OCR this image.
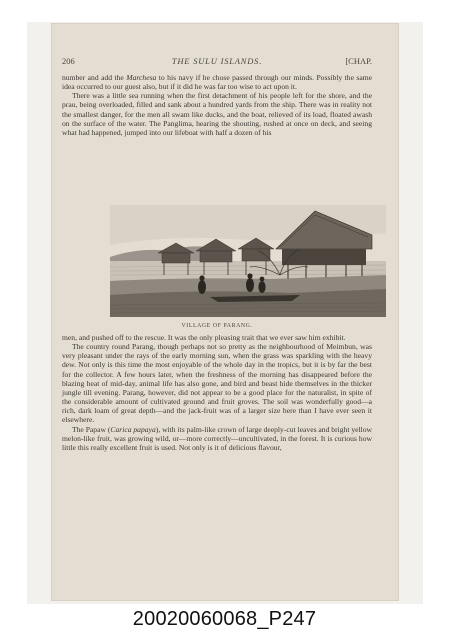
206	THE SULU ISLANDS.	[CHAP.

number and add the Marchesa to his navy if he chose passed through our minds. Possibly the same idea occurred to our guest also, but if it did he was far too wise to act upon it.

There was a little sea running when the first detachment of his people left for the shore, and the prau, being overloaded, filled and sank about a hundred yards from the ship. There was in reality not the smallest danger, for the men all swam like ducks, and the boat, relieved of its load, floated awash on the surface of the water. The Panglima, hearing the shouting, rushed at once on deck, and seeing what had happened, jumped into our lifeboat with half a dozen of his

VILLAGE OF PARANG.

men, and pushed off to the rescue. It was the only pleasing trait that we ever saw him exhibit.

The country round Parang, though perhaps not so pretty as the neighbourhood of Meimbun, was very pleasant under the rays of the early morning sun, when the grass was sparkling with the heavy dew. Not only is this time the most enjoyable of the whole day in the tropics, but it is by far the best for the collector. A few hours later, when the freshness of the morning has disappeared before the blazing heat of mid-day, animal life has also gone, and bird and beast hide themselves in the thicker jungle till evening. Parang, however, did not appear to be a good place for the naturalist, in spite of the considerable amount of cultivated ground and fruit groves. The soil was wonderfully good—a rich, dark loam of great depth—and the jack-fruit was of a larger size here than I have ever seen it elsewhere.

The Papaw (Carica papaya), with its palm-like crown of large deeply-cut leaves and bright yellow melon-like fruit, was growing wild, or—more correctly—uncultivated, in the forest. It is curious how little this really excellent fruit is used. Not only is it of delicious flavour,

20020060068_P247
